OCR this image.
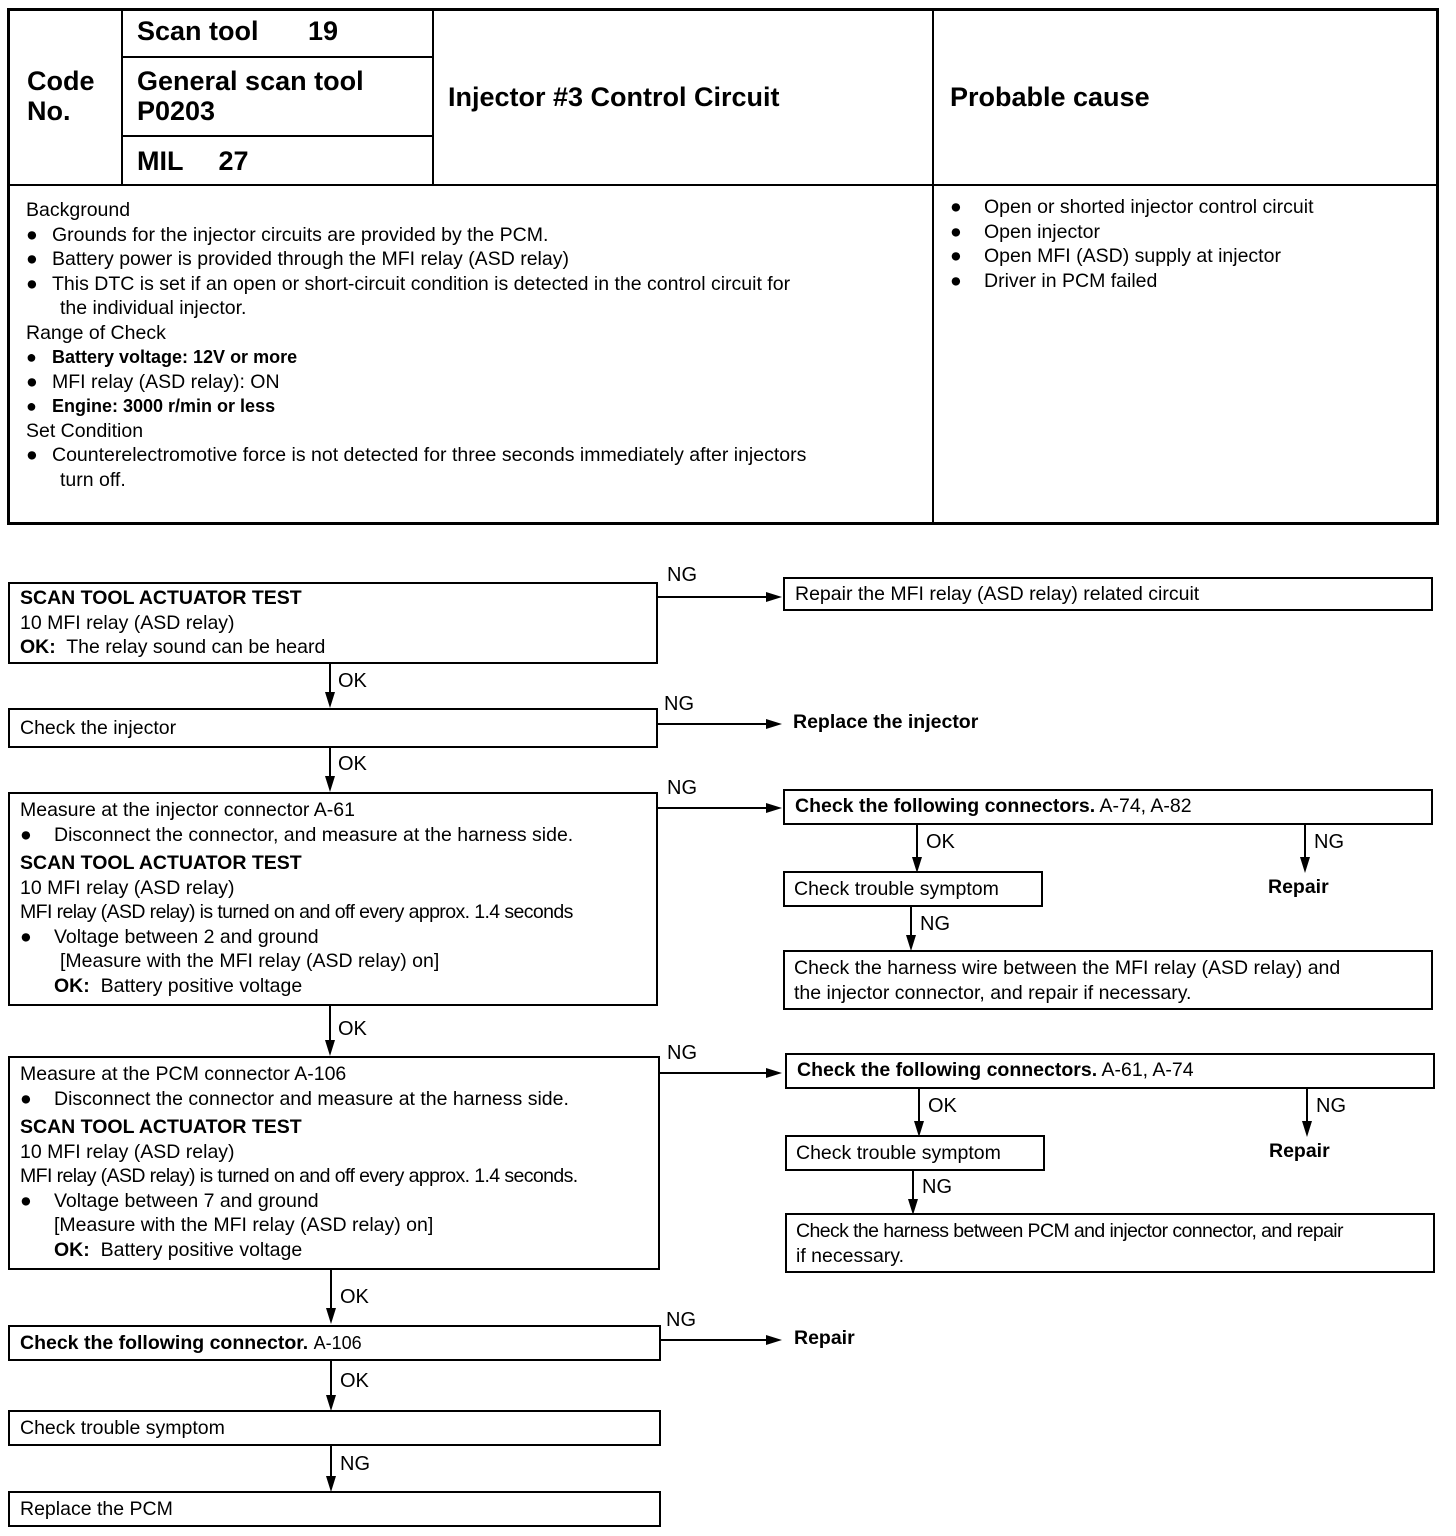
Code
No.
Scan tool 19
General scan tool
P0203
MIL 27
Injector #3 Control Circuit	Probable cause
Background
● Grounds for the injector circuits are provided by the PCM.
● Battery power is provided through the MFI relay (ASD relay)
● This DTC is set if an open or short-circuit condition is detected in the control circuit for
the individual injector.
Range of Check
● Battery voltage: 12V or more
● MFI relay (ASD relay): ON
● Engine: 3000 r/min or less
Set Condition
● Counterelectromotive force is not detected for three seconds immediately after injectors
turn off.
● Open or shorted injector control circuit
● Open injector
● Open MFI (ASD) supply at injector
● Driver in PCM failed
SCAN TOOL ACTUATOR TEST
10 MFI relay (ASD relay)
OK: The relay sound can be heard
NG
Repair the MFI relay (ASD relay) related circuit
OK
Check the injector
NG
Replace the injector
OK
Measure at the injector connector A-61
● Disconnect the connector, and measure at the harness side.
SCAN TOOL ACTUATOR TEST
10 MFI relay (ASD relay)
MFI relay (ASD relay) is turned on and off every approx. 1.4 seconds
● Voltage between 2 and ground
[Measure with the MFI relay (ASD relay) on]
OK: Battery positive voltage
NG
Check the following connectors. A-74, A-82
OK	NG
Repair
Check trouble symptom
NG
Check the harness wire between the MFI relay (ASD relay) and
the injector connector, and repair if necessary.
OK
Measure at the PCM connector A-106
● Disconnect the connector and measure at the harness side.
SCAN TOOL ACTUATOR TEST
10 MFI relay (ASD relay)
MFI relay (ASD relay) is turned on and off every approx. 1.4 seconds.
● Voltage between 7 and ground
[Measure with the MFI relay (ASD relay) on]
OK: Battery positive voltage
NG
Check the following connectors. A-61, A-74
OK	NG
Repair
Check trouble symptom
NG
Check the harness between PCM and injector connector, and repair
if necessary.
OK
Check the following connector. A-106
NG
Repair
OK
Check trouble symptom
NG
Replace the PCM
